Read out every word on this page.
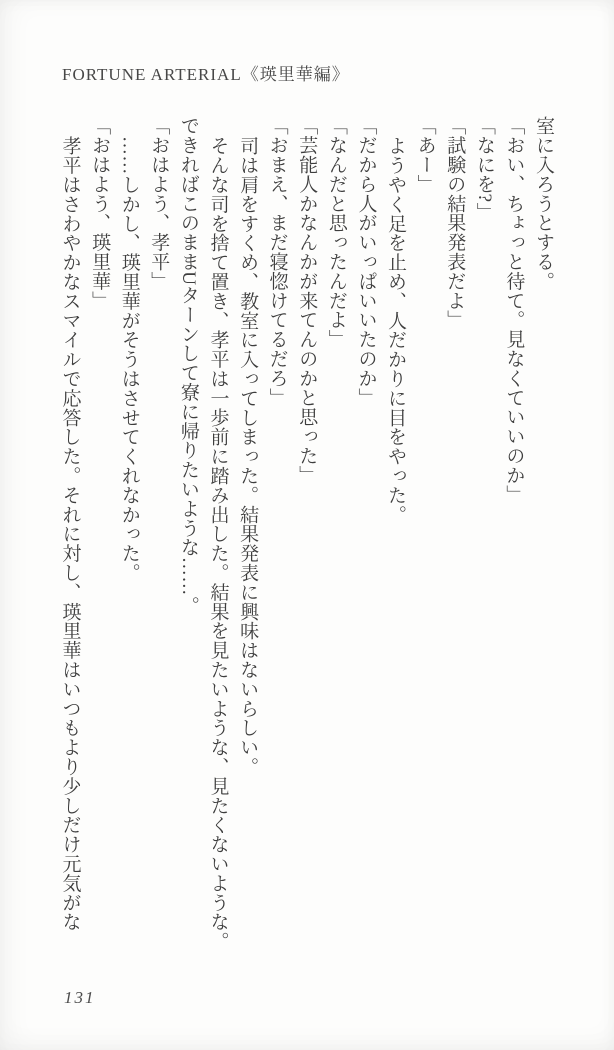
FORTUNE ARTERIAL《瑛里華編》

室に入ろうとする。

「おい、ちょっと待て。見なくていいのか」

「なにを?」

「試験の結果発表だよ」

「あー」

ようやく足を止め、人だかりに目をやった。

「だから人がいっぱいいたのか」

「なんだと思ったんだよ」

「芸能人かなんかが来てんのかと思った」

「おまえ、まだ寝惚けてるだろ」

司は肩をすくめ、教室に入ってしまった。結果発表に興味はないらしい。

そんな司を捨て置き、孝平は一歩前に踏み出した。結果を見たいような、見たくないような。

できればこのままUターンして寮に帰りたいような……。

「おはよう、孝平」

……しかし、瑛里華がそうはさせてくれなかった。

「おはよう、瑛里華」

孝平はさわやかなスマイルで応答した。それに対し、瑛里華はいつもより少しだけ元気がな

131
